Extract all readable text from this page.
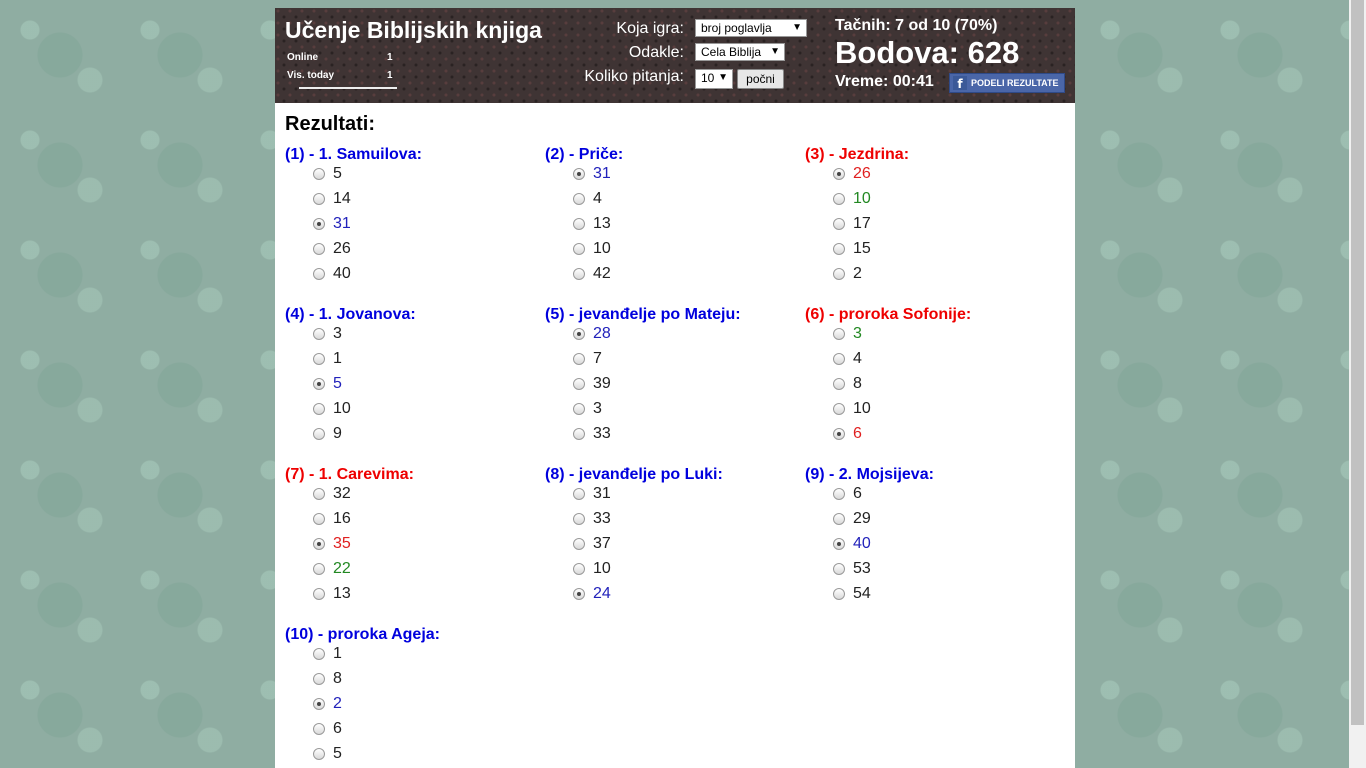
Učenje Biblijskih knjiga
Online	1
Vis. today	1
Koja igra:	broj poglavlja ▼
Odakle:	Cela Biblija ▼
Koliko pitanja:	10 ▼	počni
Tačnih: 7 od 10 (70%)
Bodova: 628
Vreme: 00:41	f PODELI REZULTATE
Rezultati:
(1) - 1. Samuilova:
5
14
31
26
40
(2) - Priče:
31
4
13
10
42
(3) - Jezdrina:
26
10
17
15
2
(4) - 1. Jovanova:
3
1
5
10
9
(5) - jevanđelje po Mateju:
28
7
39
3
33
(6) - proroka Sofonije:
3
4
8
10
6
(7) - 1. Carevima:
32
16
35
22
13
(8) - jevanđelje po Luki:
31
33
37
10
24
(9) - 2. Mojsijeva:
6
29
40
53
54
(10) - proroka Ageja:
1
8
2
6
5
